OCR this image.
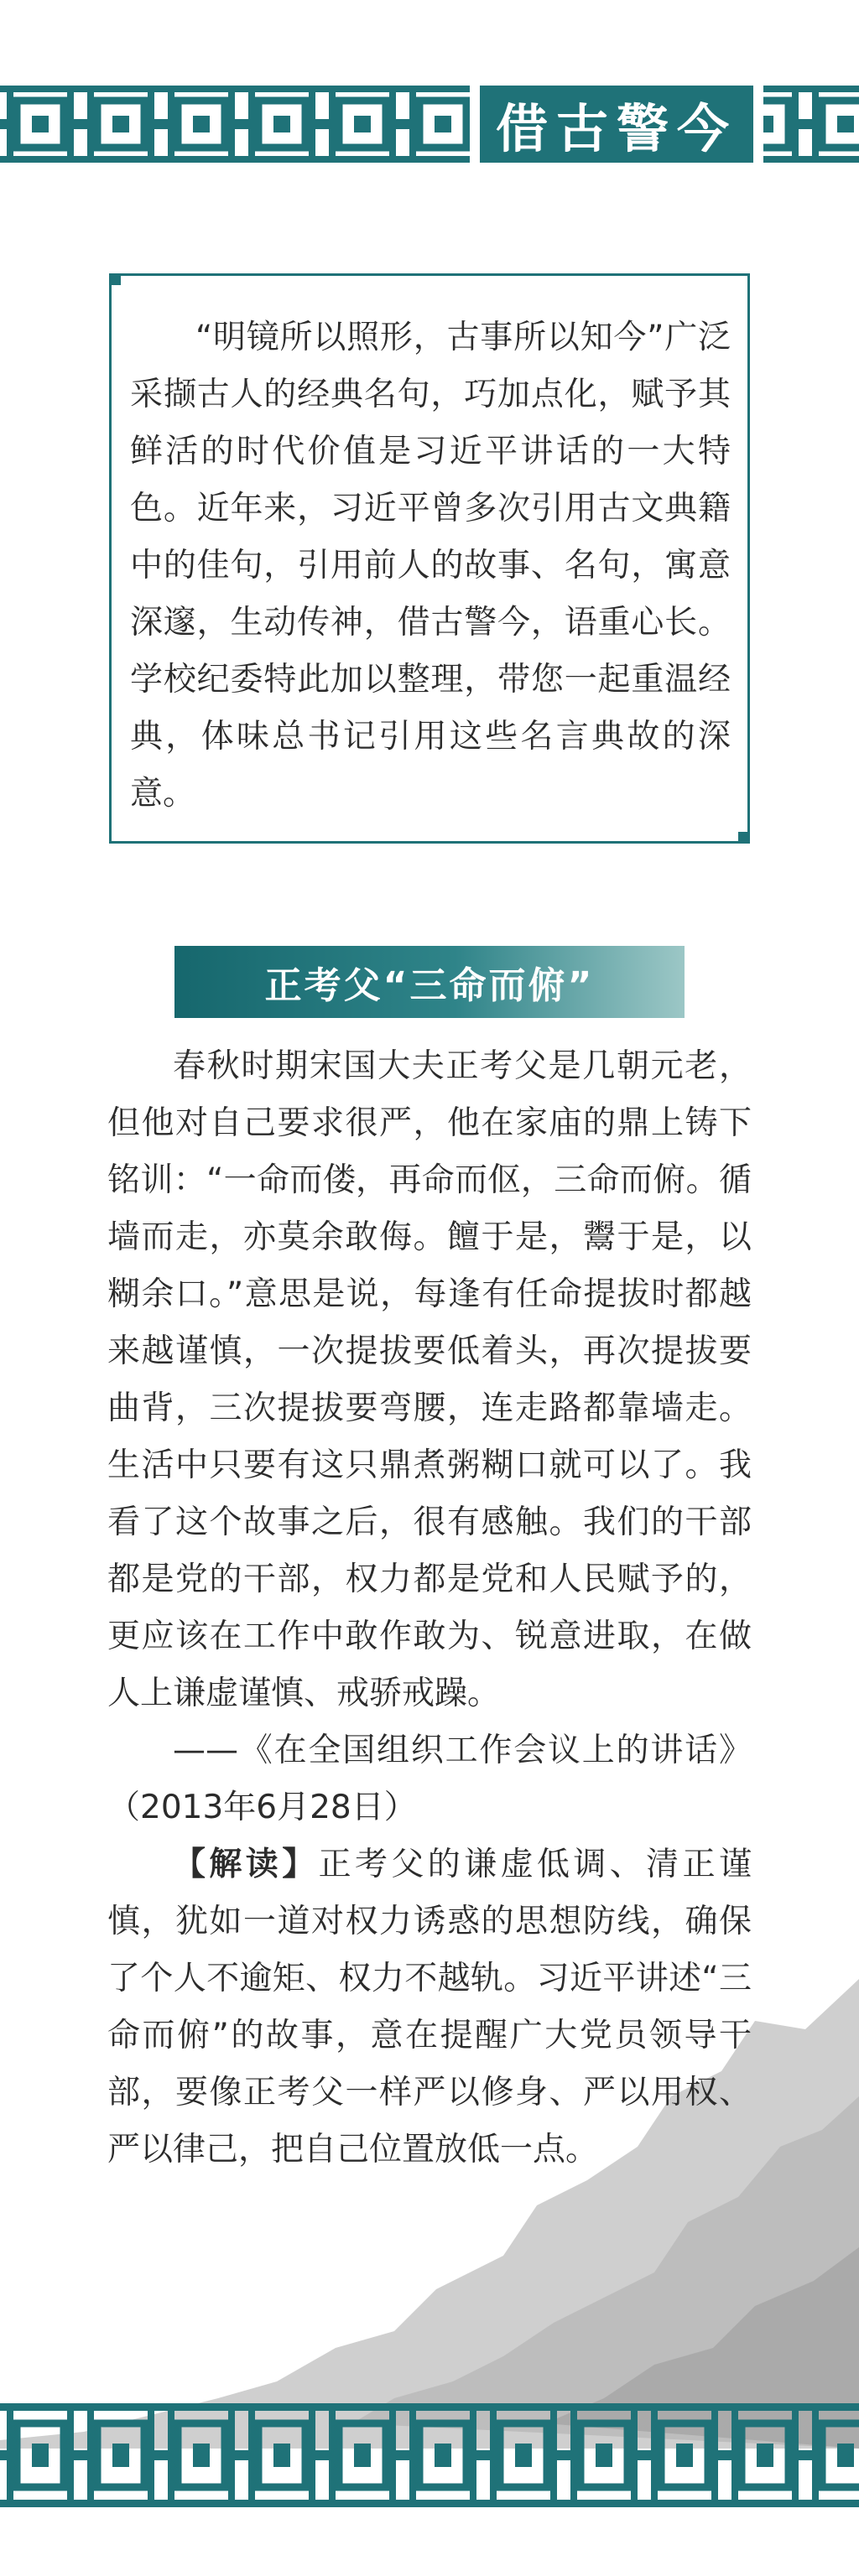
借古警今
“明镜所以照形，古事所以知今”广泛采撷古人的经典名句，巧加点化，赋予其鲜活的时代价值是习近平讲话的一大特色。近年来，习近平曾多次引用古文典籍中的佳句，引用前人的故事、名句，寓意深邃，生动传神，借古警今，语重心长。学校纪委特此加以整理，带您一起重温经典，体味总书记引用这些名言典故的深意。
正考父“三命而俯”

春秋时期宋国大夫正考父是几朝元老，但他对自己要求很严，他在家庙的鼎上铸下铭训：“一命而偻，再命而伛，三命而俯。循墙而走，亦莫余敢侮。饘于是，鬻于是，以糊余口。”意思是说，每逢有任命提拔时都越来越谨慎，一次提拔要低着头，再次提拔要曲背，三次提拔要弯腰，连走路都靠墙走。生活中只要有这只鼎煮粥糊口就可以了。我看了这个故事之后，很有感触。我们的干部都是党的干部，权力都是党和人民赋予的，更应该在工作中敢作敢为、锐意进取，在做人上谦虚谨慎、戒骄戒躁。

——《在全国组织工作会议上的讲话》（2013年6月28日）

【解读】正考父的谦虚低调、清正谨慎，犹如一道对权力诱惑的思想防线，确保了个人不逾矩、权力不越轨。习近平讲述“三命而俯”的故事，意在提醒广大党员领导干部，要像正考父一样严以修身、严以用权、严以律己，把自己位置放低一点。
